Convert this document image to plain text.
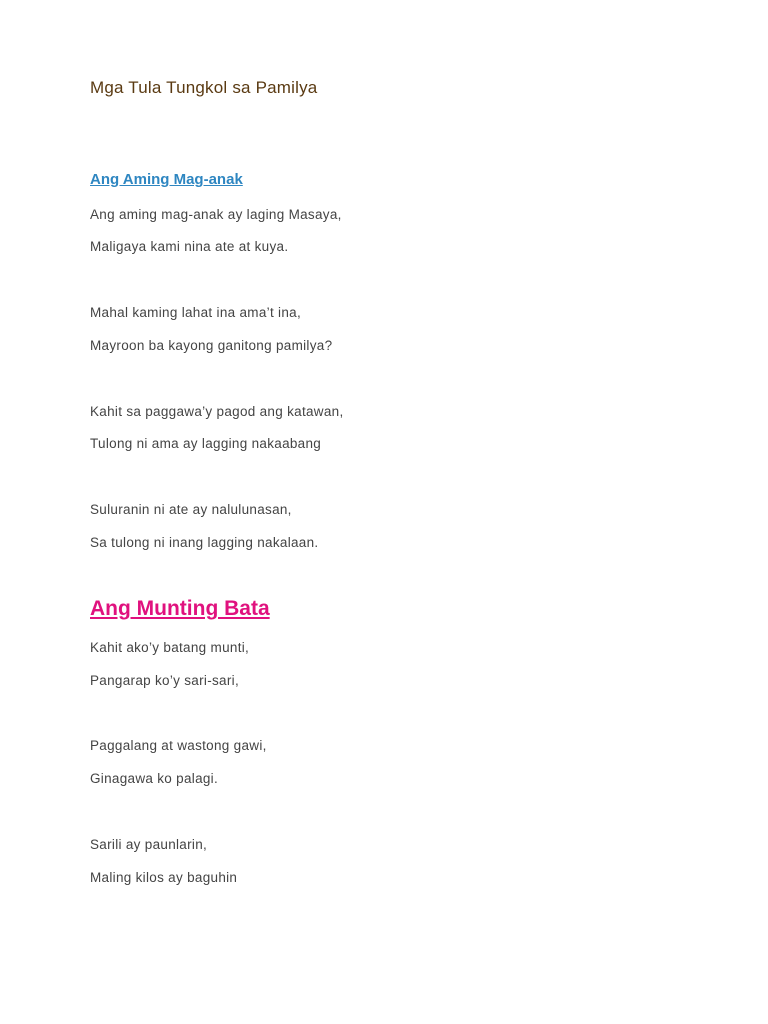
Mga Tula Tungkol sa Pamilya
Ang Aming Mag-anak
Ang aming mag-anak ay laging Masaya,
Maligaya kami nina ate at kuya.
Mahal kaming lahat ina ama’t ina,
Mayroon ba kayong ganitong pamilya?
Kahit sa paggawa’y pagod ang katawan,
Tulong ni ama ay lagging nakaabang
Suluranin ni ate ay nalulunasan,
Sa tulong ni inang lagging nakalaan.
Ang Munting Bata
Kahit ako’y batang munti,
Pangarap ko’y sari-sari,
Paggalang at wastong gawi,
Ginagawa ko palagi.
Sarili ay paunlarin,
Maling kilos ay baguhin
